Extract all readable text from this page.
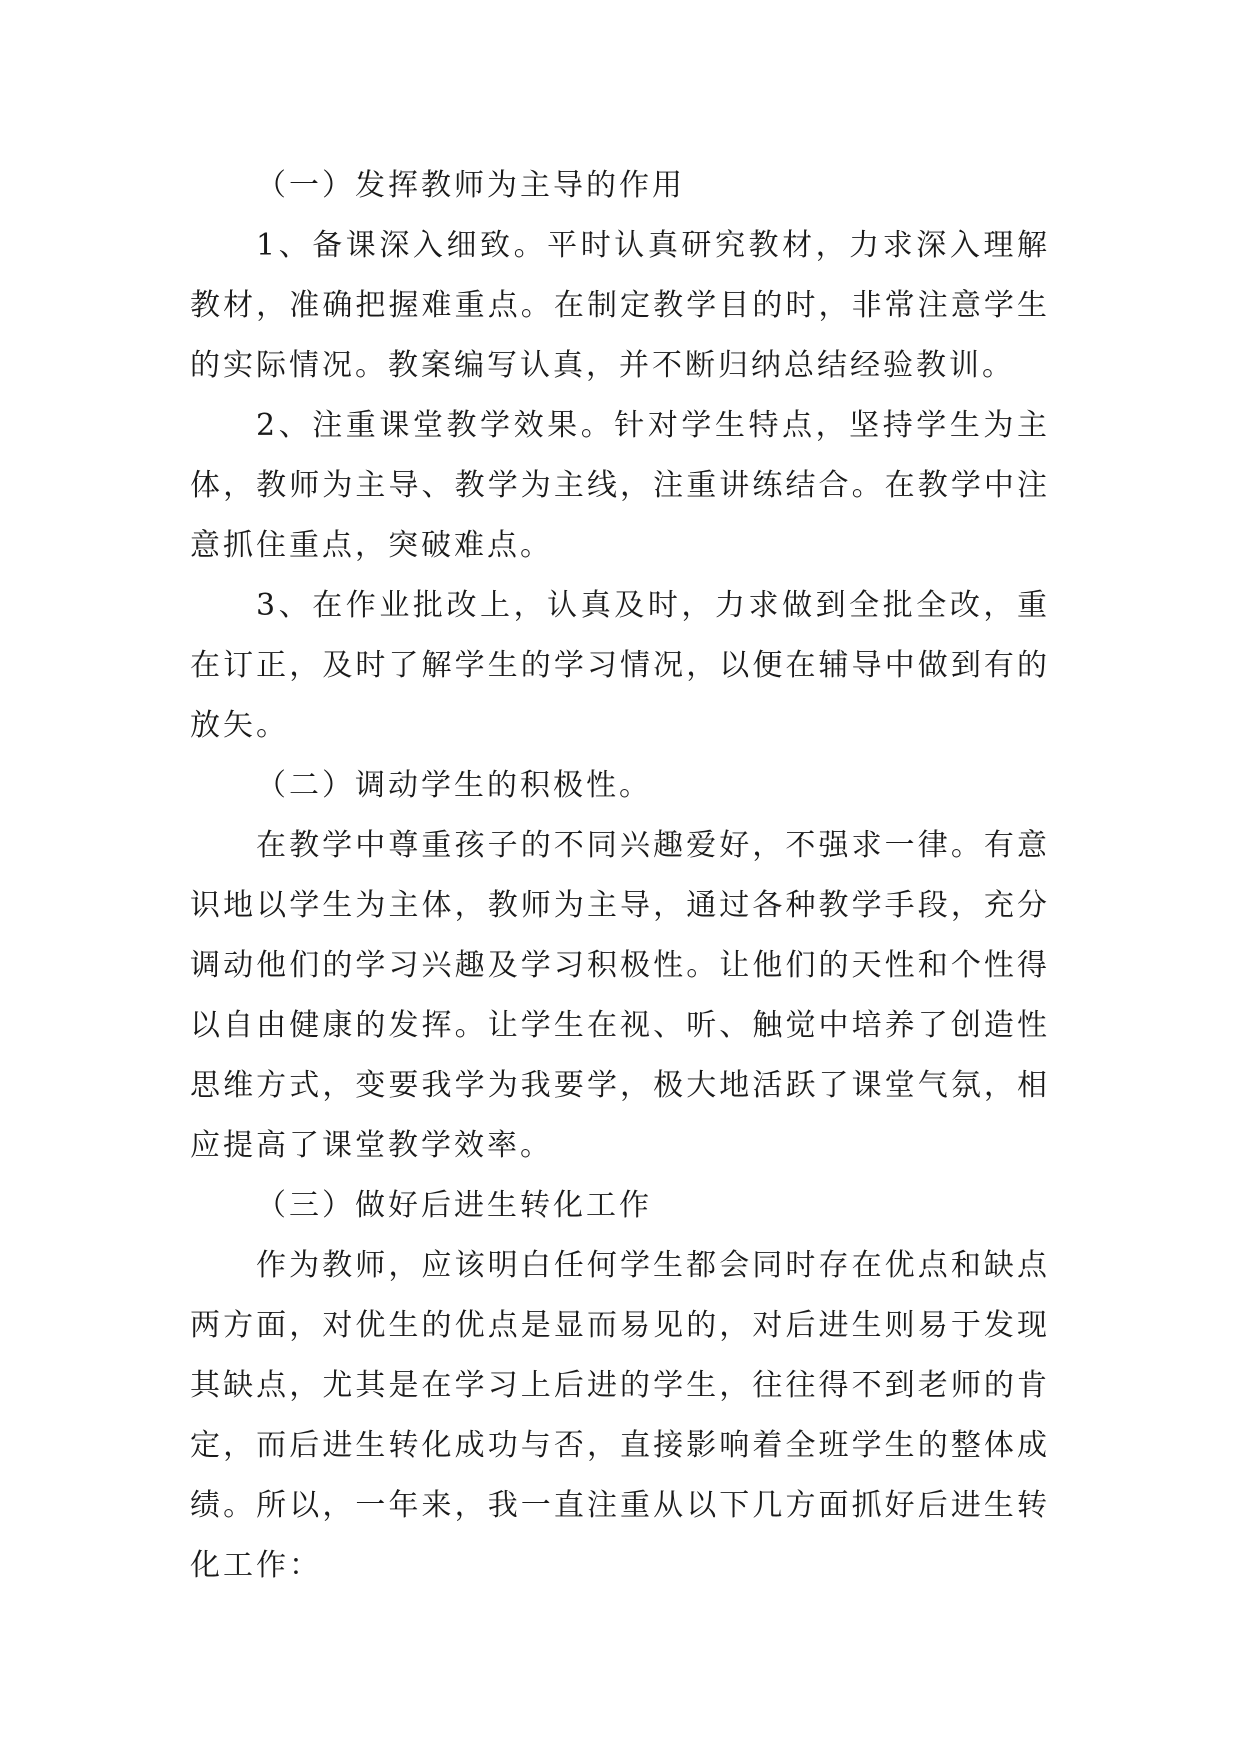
（一）发挥教师为主导的作用

1、备课深入细致。平时认真研究教材，力求深入理解教材，准确把握难重点。在制定教学目的时，非常注意学生的实际情况。教案编写认真，并不断归纳总结经验教训。

2、注重课堂教学效果。针对学生特点，坚持学生为主体，教师为主导、教学为主线，注重讲练结合。在教学中注意抓住重点，突破难点。

3、在作业批改上，认真及时，力求做到全批全改，重在订正，及时了解学生的学习情况，以便在辅导中做到有的放矢。

（二）调动学生的积极性。

在教学中尊重孩子的不同兴趣爱好，不强求一律。有意识地以学生为主体，教师为主导，通过各种教学手段，充分调动他们的学习兴趣及学习积极性。让他们的天性和个性得以自由健康的发挥。让学生在视、听、触觉中培养了创造性思维方式，变要我学为我要学，极大地活跃了课堂气氛，相应提高了课堂教学效率。

（三）做好后进生转化工作

作为教师，应该明白任何学生都会同时存在优点和缺点两方面，对优生的优点是显而易见的，对后进生则易于发现其缺点，尤其是在学习上后进的学生，往往得不到老师的肯定，而后进生转化成功与否，直接影响着全班学生的整体成绩。所以，一年来，我一直注重从以下几方面抓好后进生转化工作：
